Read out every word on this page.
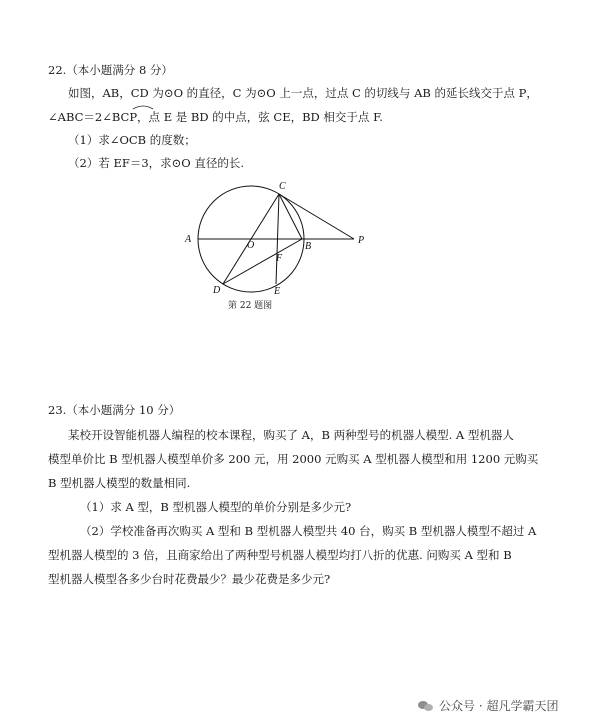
22.（本小题满分 8 分）
如图，AB，CD 为⊙O 的直径，C 为⊙O 上一点，过点 C 的切线与 AB 的延长线交于点 P，
∠ABC＝2∠BCP，点 E 是 BD 的中点，弦 CE，BD 相交于点 F.
（1）求∠OCB 的度数；
（2）若 EF＝3，求⊙O 直径的长.
C
A
O	B
P
F
D	E
第 22 题图
23.（本小题满分 10 分）
某校开设智能机器人编程的校本课程，购买了 A，B 两种型号的机器人模型. A 型机器人
模型单价比 B 型机器人模型单价多 200 元，用 2000 元购买 A 型机器人模型和用 1200 元购买
B 型机器人模型的数量相同.
（1）求 A 型，B 型机器人模型的单价分别是多少元?
（2）学校准备再次购买 A 型和 B 型机器人模型共 40 台，购买 B 型机器人模型不超过 A
型机器人模型的 3 倍，且商家给出了两种型号机器人模型均打八折的优惠. 问购买 A 型和 B
型机器人模型各多少台时花费最少？最少花费是多少元?
公众号 · 超凡学霸天团
